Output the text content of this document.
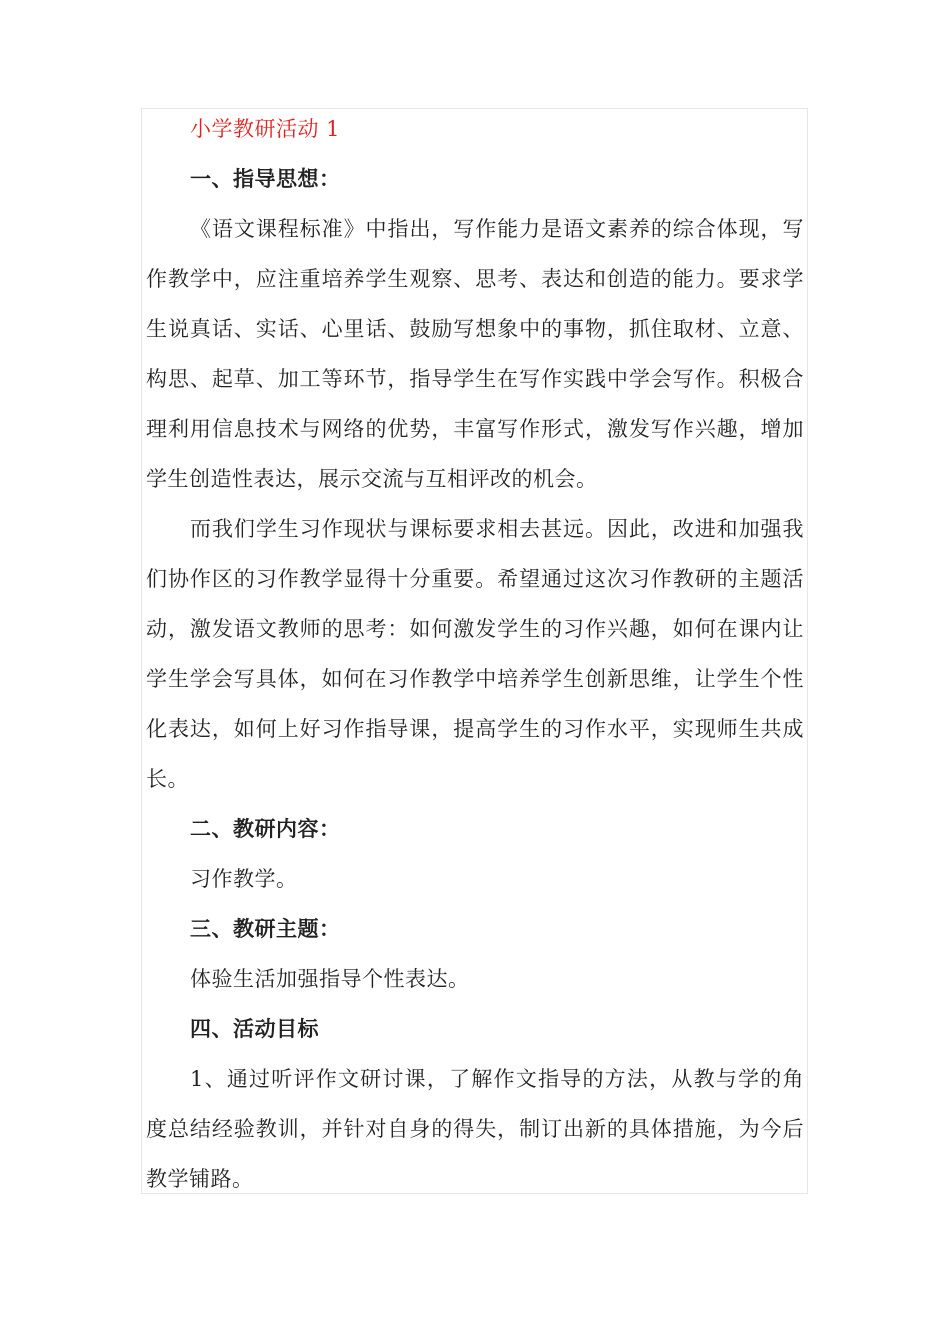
小学教研活动 1

一、指导思想：

《语文课程标准》中指出，写作能力是语文素养的综合体现，写作教学中，应注重培养学生观察、思考、表达和创造的能力。要求学生说真话、实话、心里话、鼓励写想象中的事物，抓住取材、立意、构思、起草、加工等环节，指导学生在写作实践中学会写作。积极合理利用信息技术与网络的优势，丰富写作形式，激发写作兴趣，增加学生创造性表达，展示交流与互相评改的机会。

而我们学生习作现状与课标要求相去甚远。因此，改进和加强我们协作区的习作教学显得十分重要。希望通过这次习作教研的主题活动，激发语文教师的思考：如何激发学生的习作兴趣，如何在课内让学生学会写具体，如何在习作教学中培养学生创新思维，让学生个性化表达，如何上好习作指导课，提高学生的习作水平，实现师生共成长。

二、教研内容：

习作教学。

三、教研主题：

体验生活加强指导个性表达。

四、活动目标

1、通过听评作文研讨课，了解作文指导的方法，从教与学的角度总结经验教训，并针对自身的得失，制订出新的具体措施，为今后教学铺路。
